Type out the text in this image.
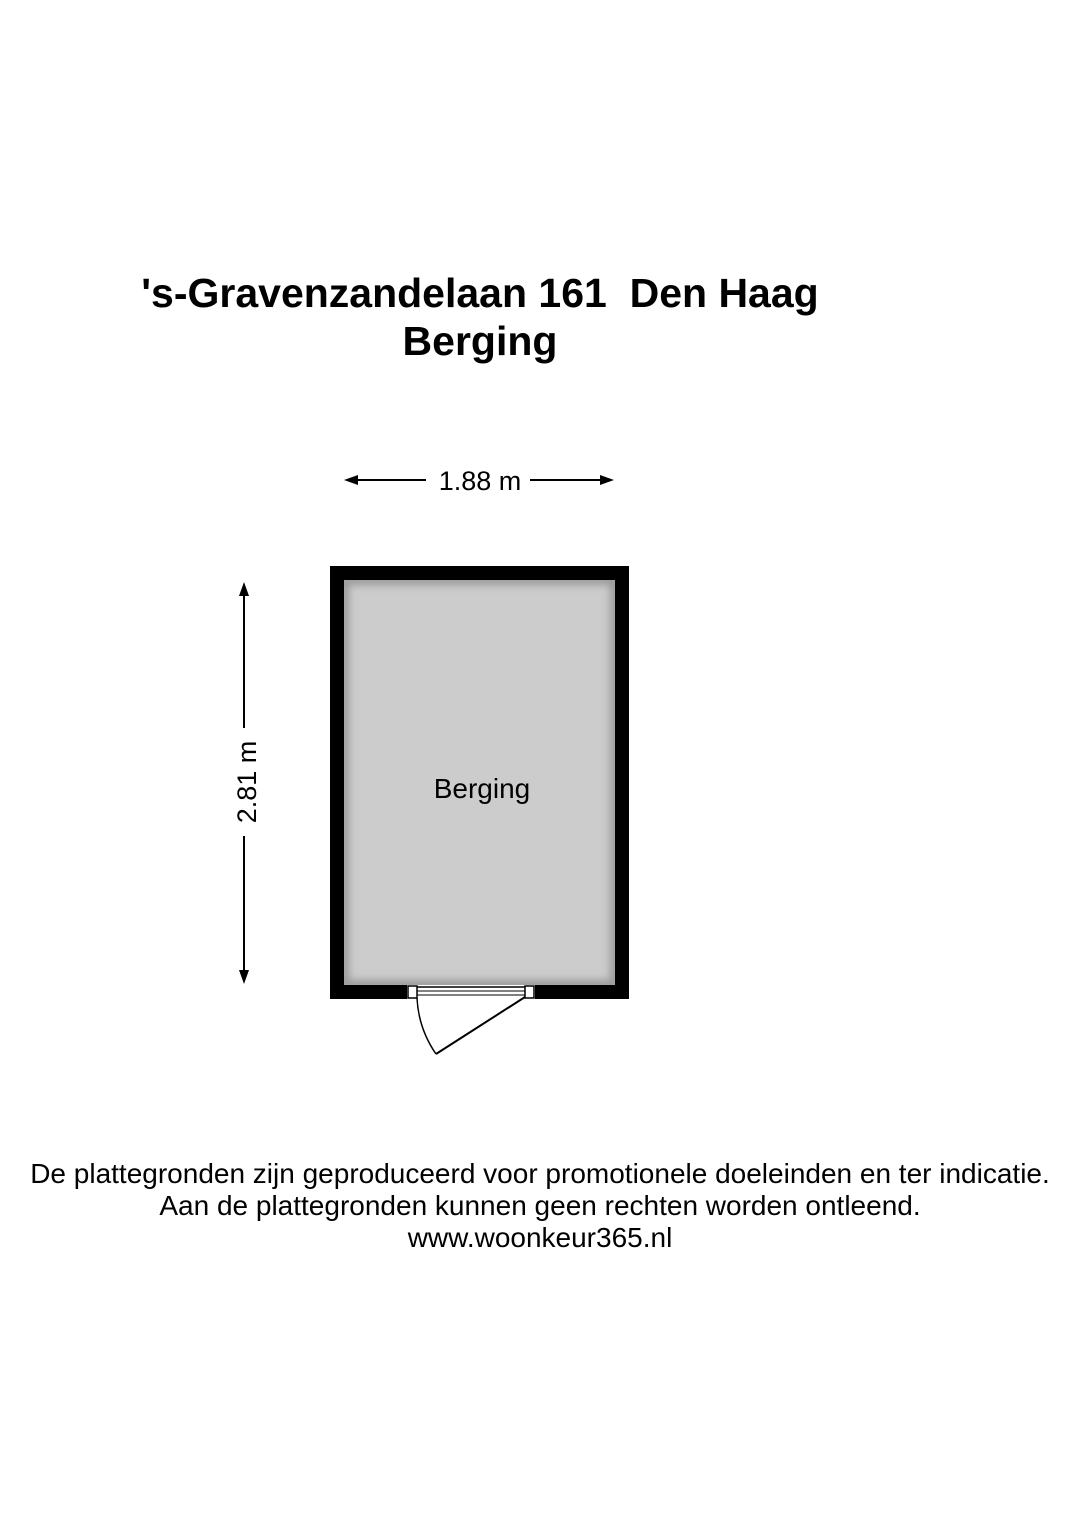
's-Gravenzandelaan 161  Den Haag
Berging
1.88 m
2.81 m	Berging
De plattegronden zijn geproduceerd voor promotionele doeleinden en ter indicatie.
Aan de plattegronden kunnen geen rechten worden ontleend.
www.woonkeur365.nl
